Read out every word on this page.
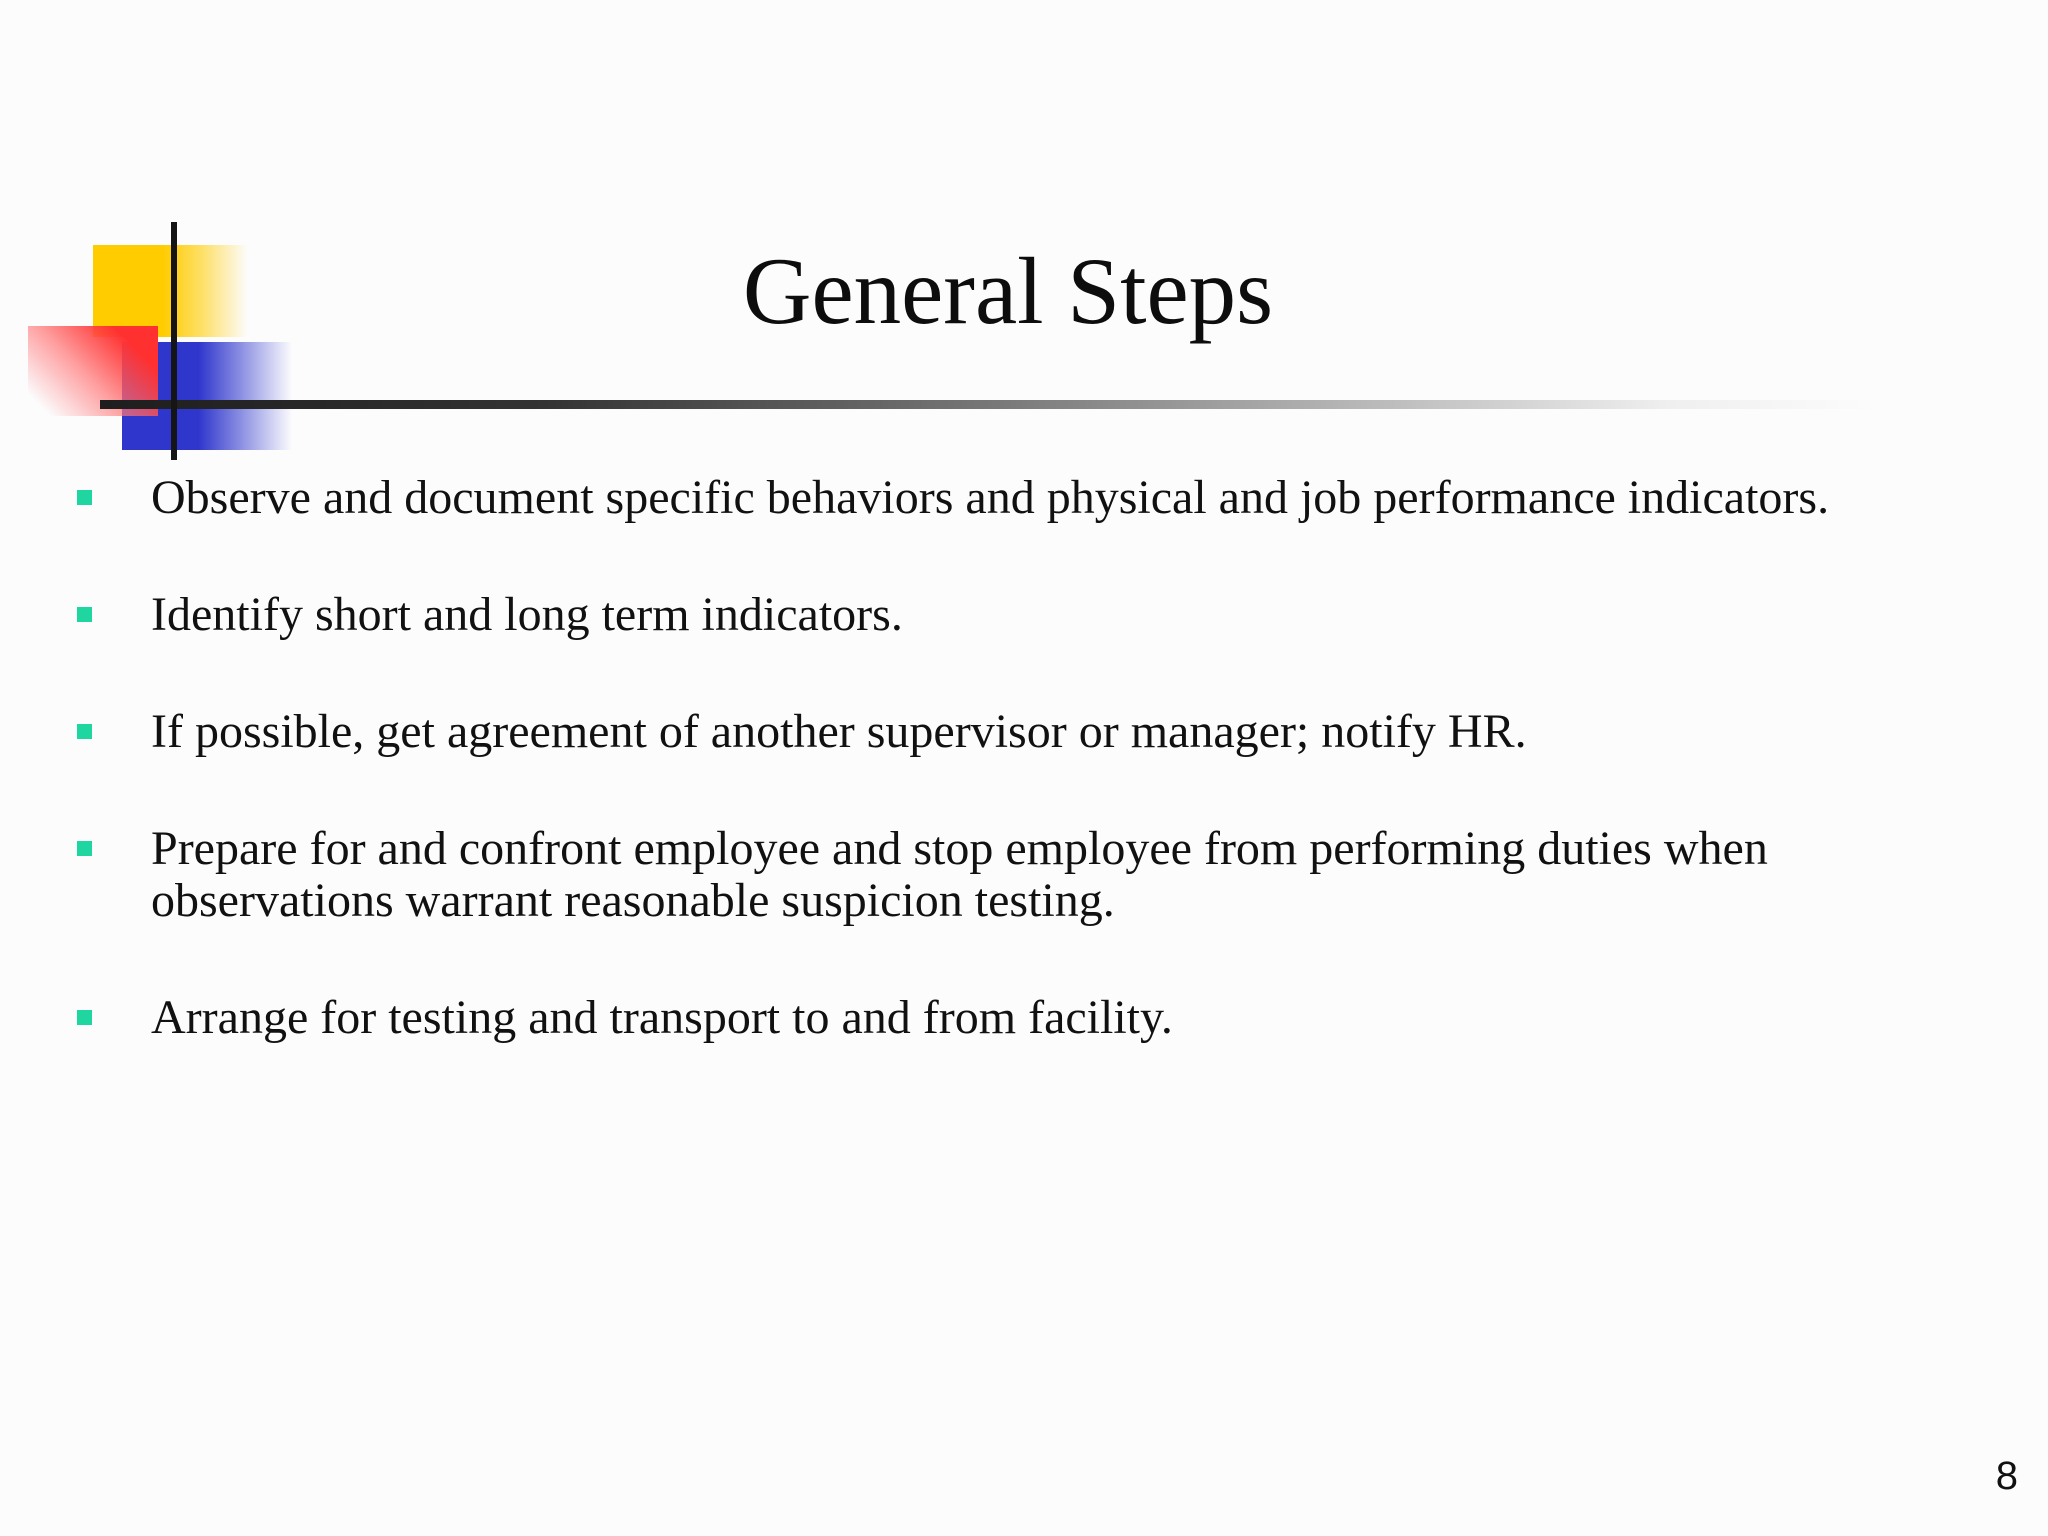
General Steps
Observe and document specific behaviors and physical and job performance indicators.
Identify short and long term indicators.
If possible, get agreement of another supervisor or manager; notify HR.
Prepare for and confront employee and stop employee from performing duties when observations warrant reasonable suspicion testing.
Arrange for testing and transport to and from facility.
8
